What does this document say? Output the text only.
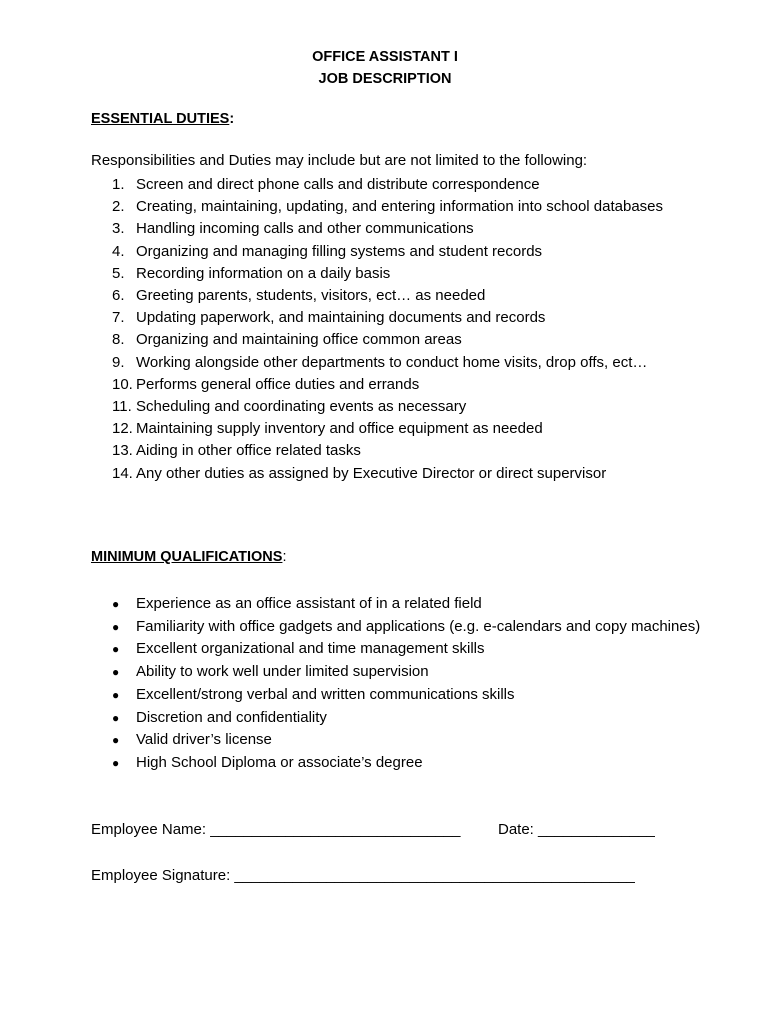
OFFICE ASSISTANT I
JOB DESCRIPTION
ESSENTIAL DUTIES:
Responsibilities and Duties may include but are not limited to the following:
1. Screen and direct phone calls and distribute correspondence
2. Creating, maintaining, updating, and entering information into school databases
3. Handling incoming calls and other communications
4. Organizing and managing filling systems and student records
5. Recording information on a daily basis
6. Greeting parents, students, visitors, ect… as needed
7. Updating paperwork, and maintaining documents and records
8. Organizing and maintaining office common areas
9. Working alongside other departments to conduct home visits, drop offs, ect…
10. Performs general office duties and errands
11. Scheduling and coordinating events as necessary
12. Maintaining supply inventory and office equipment as needed
13. Aiding in other office related tasks
14. Any other duties as assigned by Executive Director or direct supervisor
MINIMUM QUALIFICATIONS:
●	Experience as an office assistant of in a related field
●	Familiarity with office gadgets and applications (e.g. e-calendars and copy machines)
●	Excellent organizational and time management skills
●	Ability to work well under limited supervision
●	Excellent/strong verbal and written communications skills
●	Discretion and confidentiality
●	Valid driver’s license
●	High School Diploma or associate’s degree
Employee Name: ______________________________	Date: ______________
Employee Signature: ________________________________________________
